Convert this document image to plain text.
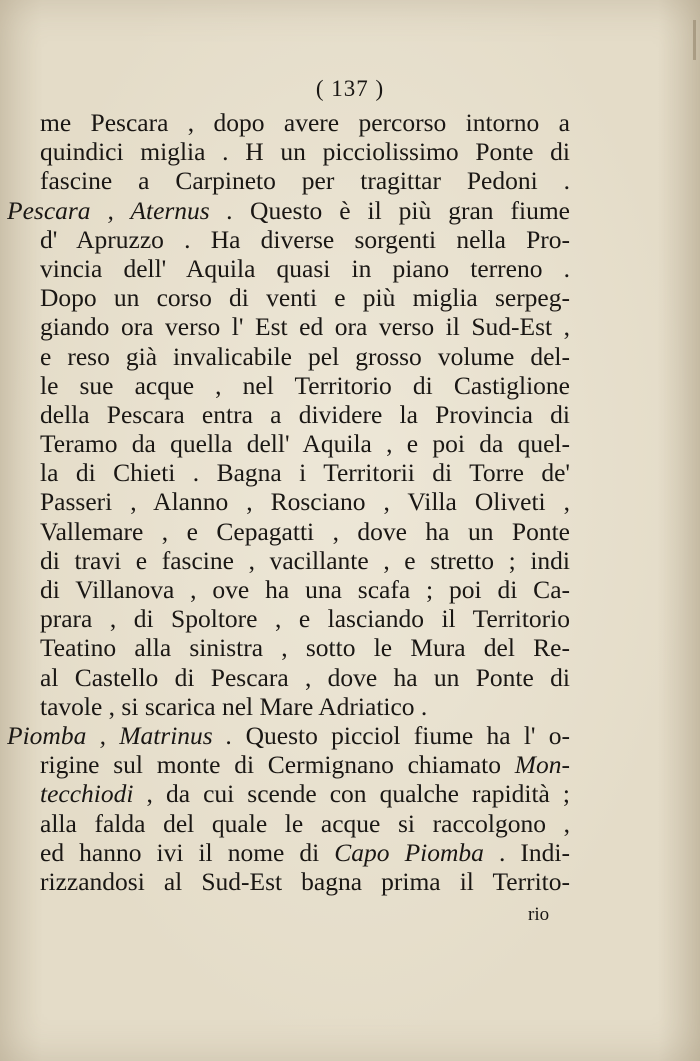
( 137 )
me Pescara , dopo avere percorso intorno a
quindici miglia . H un picciolissimo Ponte di
fascine a Carpineto per tragittar Pedoni .
Pescara , Aternus . Questo è il più gran fiume
d' Apruzzo . Ha diverse sorgenti nella Pro-
vincia dell' Aquila quasi in piano terreno .
Dopo un corso di venti e più miglia serpeg-
giando ora verso l' Est ed ora verso il Sud-Est ,
e reso già invalicabile pel grosso volume del-
le sue acque , nel Territorio di Castiglione
della Pescara entra a dividere la Provincia di
Teramo da quella dell' Aquila , e poi da quel-
la di Chieti . Bagna i Territorii di Torre de'
Passeri , Alanno , Rosciano , Villa Oliveti ,
Vallemare , e Cepagatti , dove ha un Ponte
di travi e fascine , vacillante , e stretto ; indi
di Villanova , ove ha una scafa ; poi di Ca-
prara , di Spoltore , e lasciando il Territorio
Teatino alla sinistra , sotto le Mura del Re-
al Castello di Pescara , dove ha un Ponte di
tavole , si scarica nel Mare Adriatico .
Piomba , Matrinus . Questo picciol fiume ha l' o-
rigine sul monte di Cermignano chiamato Mon-
tecchiodi , da cui scende con qualche rapidità ;
alla falda del quale le acque si raccolgono ,
ed hanno ivi il nome di Capo Piomba . Indi-
rizzandosi al Sud-Est bagna prima il Territo-
rio
